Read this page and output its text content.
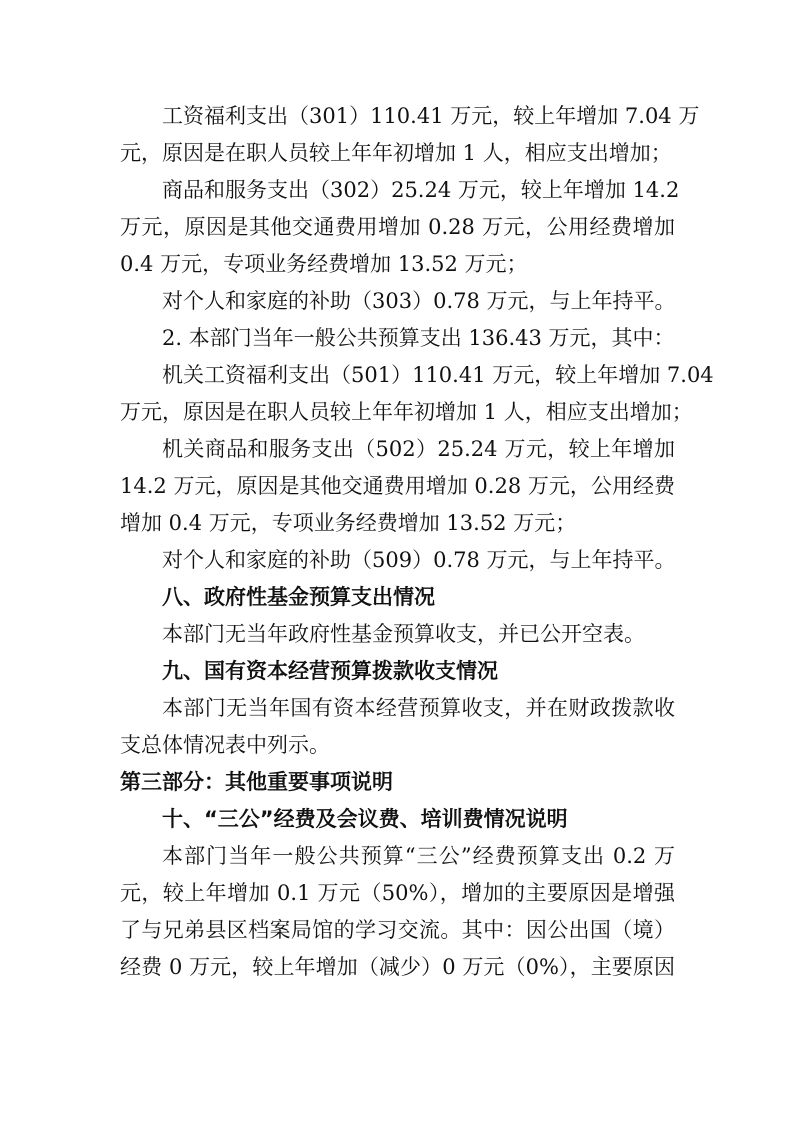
工资福利支出（301）110.41 万元，较上年增加 7.04 万
元，原因是在职人员较上年年初增加 1 人，相应支出增加；
商品和服务支出（302）25.24 万元，较上年增加 14.2
万元，原因是其他交通费用增加 0.28 万元，公用经费增加
0.4 万元，专项业务经费增加 13.52 万元；
对个人和家庭的补助（303）0.78 万元，与上年持平。
2. 本部门当年一般公共预算支出 136.43 万元，其中：
机关工资福利支出（501）110.41 万元，较上年增加 7.04
万元，原因是在职人员较上年年初增加 1 人，相应支出增加；
机关商品和服务支出（502）25.24 万元，较上年增加
14.2 万元，原因是其他交通费用增加 0.28 万元，公用经费
增加 0.4 万元，专项业务经费增加 13.52 万元；
对个人和家庭的补助（509）0.78 万元，与上年持平。
八、政府性基金预算支出情况
本部门无当年政府性基金预算收支，并已公开空表。
九、国有资本经营预算拨款收支情况
本部门无当年国有资本经营预算收支，并在财政拨款收
支总体情况表中列示。
第三部分：其他重要事项说明
十、“三公”经费及会议费、培训费情况说明
本部门当年一般公共预算“三公”经费预算支出 0.2 万
元，较上年增加 0.1 万元（50%），增加的主要原因是增强
了与兄弟县区档案局馆的学习交流。其中：因公出国（境）
经费 0 万元，较上年增加（减少）0 万元（0%），主要原因
